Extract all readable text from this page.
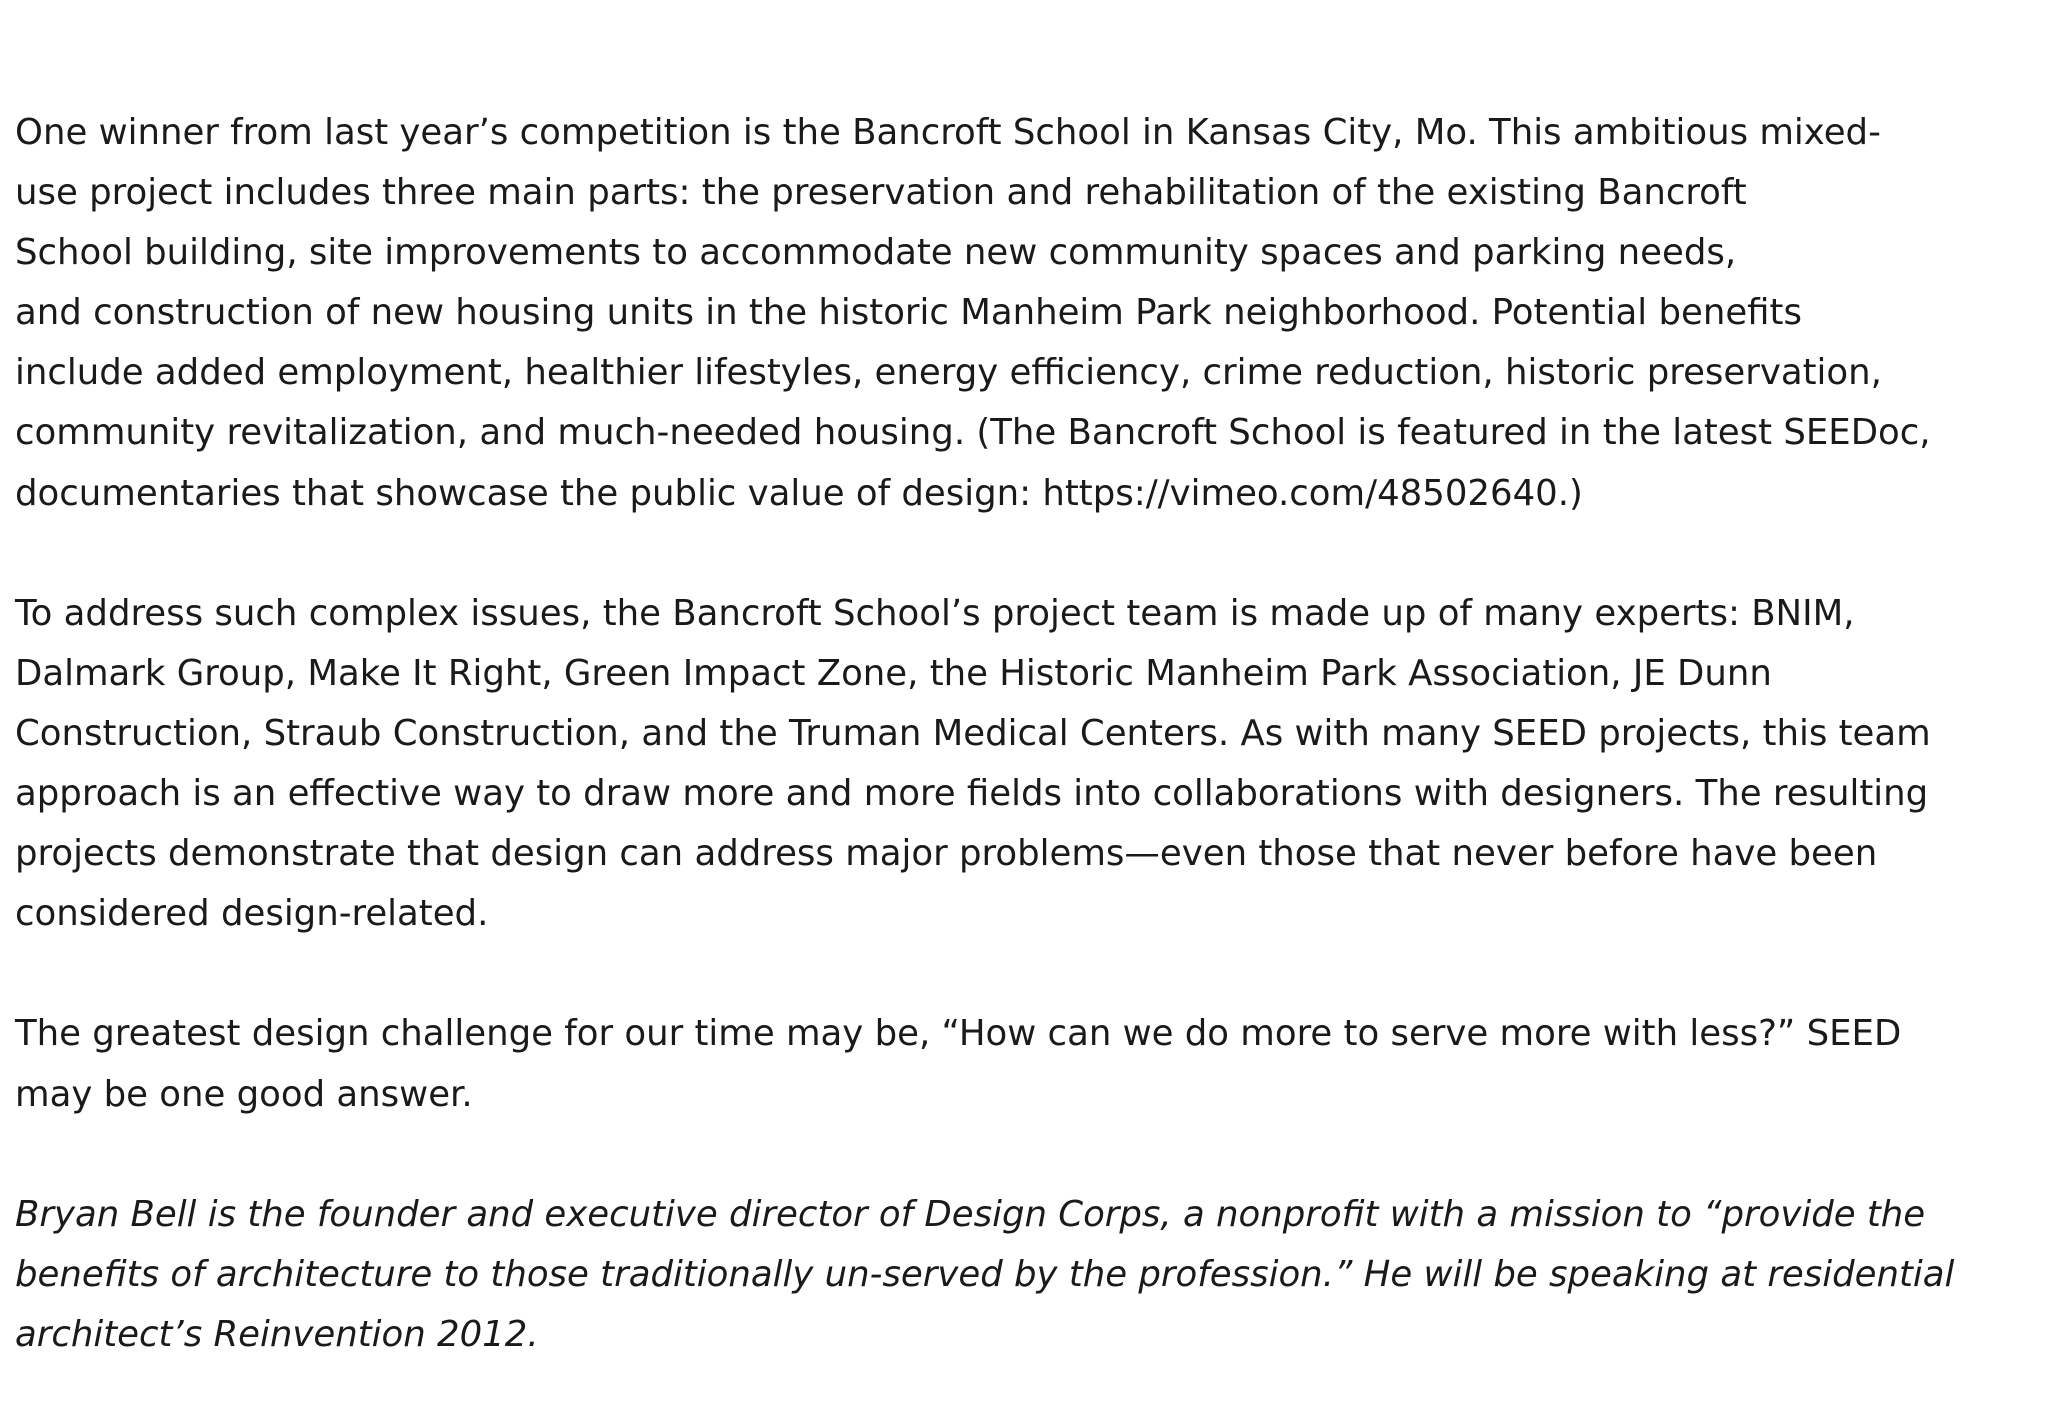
One winner from last year’s competition is the Bancroft School in Kansas City, Mo. This ambitious mixed-
use project includes three main parts: the preservation and rehabilitation of the existing Bancroft
School building, site improvements to accommodate new community spaces and parking needs,
and construction of new housing units in the historic Manheim Park neighborhood. Potential benefits
include added employment, healthier lifestyles, energy efficiency, crime reduction, historic preservation,
community revitalization, and much-needed housing. (The Bancroft School is featured in the latest SEEDoc,
documentaries that showcase the public value of design: https://vimeo.com/48502640.)

To address such complex issues, the Bancroft School’s project team is made up of many experts: BNIM,
Dalmark Group, Make It Right, Green Impact Zone, the Historic Manheim Park Association, JE Dunn
Construction, Straub Construction, and the Truman Medical Centers. As with many SEED projects, this team
approach is an effective way to draw more and more fields into collaborations with designers. The resulting
projects demonstrate that design can address major problems—even those that never before have been
considered design-related.

The greatest design challenge for our time may be, “How can we do more to serve more with less?” SEED
may be one good answer.

Bryan Bell is the founder and executive director of Design Corps, a nonprofit with a mission to “provide the
benefits of architecture to those traditionally un-served by the profession.” He will be speaking at residential
architect’s Reinvention 2012.
